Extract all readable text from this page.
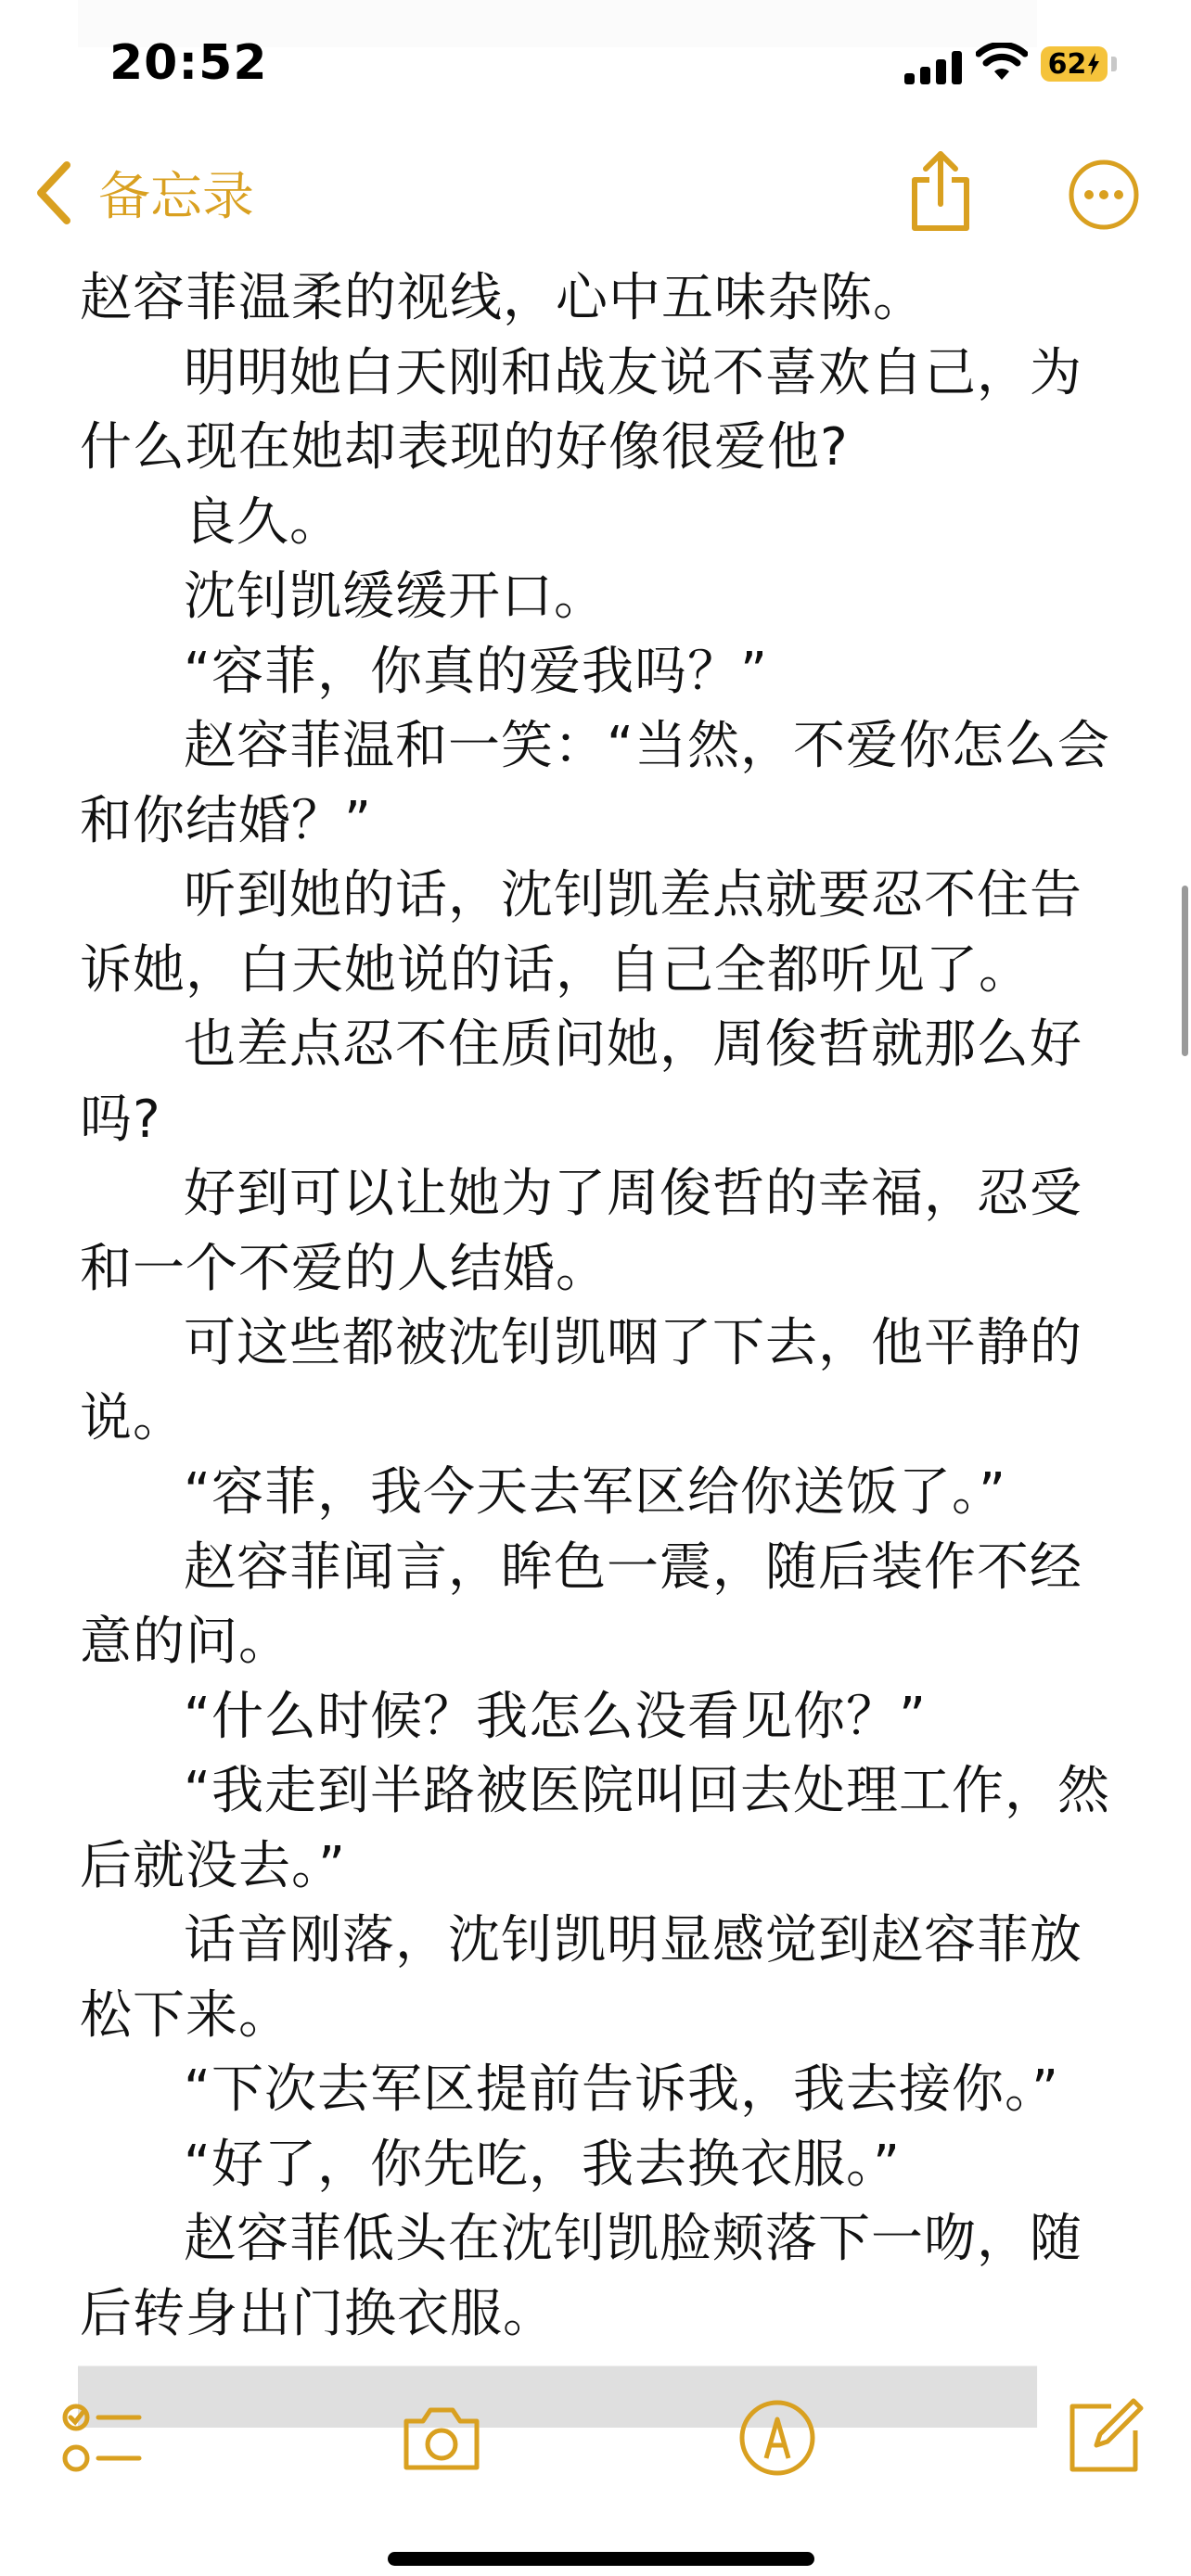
赵容菲温柔的视线，心中五味杂陈。

明明她白天刚和战友说不喜欢自己，为什么现在她却表现的好像很爱他?

良久。

沈钊凯缓缓开口。

“容菲，你真的爱我吗？”

赵容菲温和一笑：“当然，不爱你怎么会和你结婚？”

听到她的话，沈钊凯差点就要忍不住告诉她，白天她说的话，自己全都听见了。

也差点忍不住质问她，周俊哲就那么好吗?

好到可以让她为了周俊哲的幸福，忍受和一个不爱的人结婚。

可这些都被沈钊凯咽了下去，他平静的说。

“容菲，我今天去军区给你送饭了。”

赵容菲闻言，眸色一震，随后装作不经意的问。

“什么时候？我怎么没看见你？”

“我走到半路被医院叫回去处理工作，然后就没去。”

话音刚落，沈钊凯明显感觉到赵容菲放松下来。

“下次去军区提前告诉我，我去接你。”

“好了，你先吃，我去换衣服。”

赵容菲低头在沈钊凯脸颊落下一吻，随后转身出门换衣服。

20:52	62
备忘录
████████████████████████
